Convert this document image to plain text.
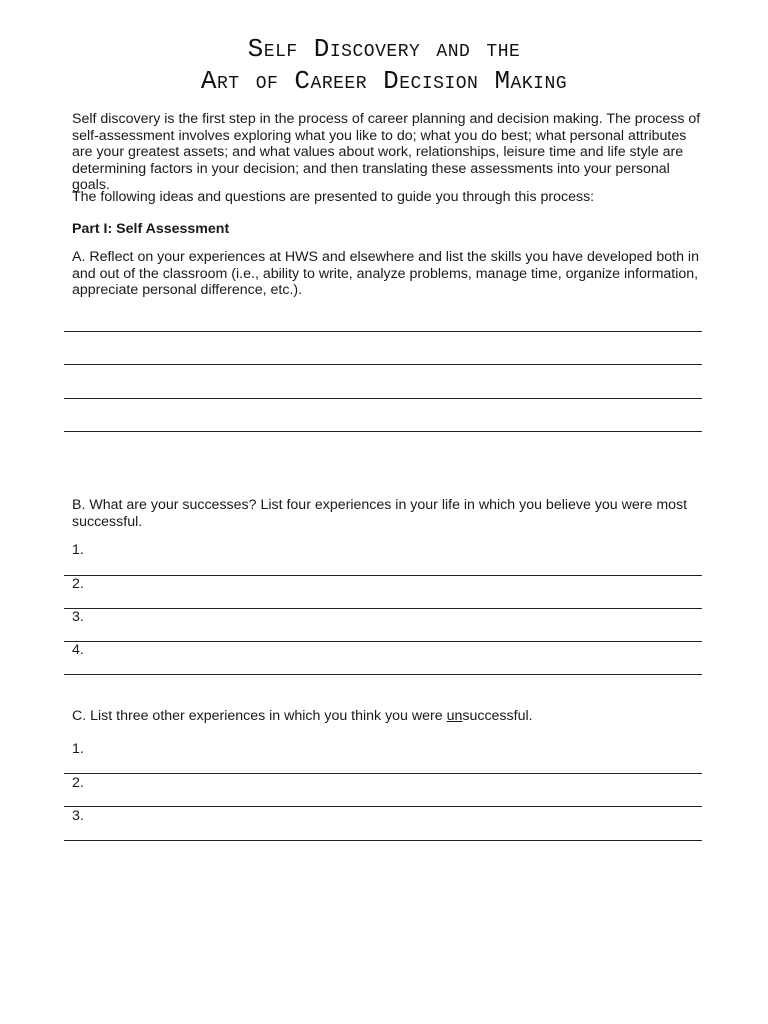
Self Discovery and the
Art of Career Decision Making

Self discovery is the first step in the process of career planning and decision making. The process of self-assessment involves exploring what you like to do; what you do best; what personal attributes are your greatest assets; and what values about work, relationships, leisure time and life style are determining factors in your decision; and then translating these assessments into your personal goals.

The following ideas and questions are presented to guide you through this process:

Part I: Self Assessment

A. Reflect on your experiences at HWS and elsewhere and list the skills you have developed both in and out of the classroom (i.e., ability to write, analyze problems, manage time, organize information, appreciate personal difference, etc.).

B. What are your successes? List four experiences in your life in which you believe you were most successful.

1.
2.
3.
4.

C. List three other experiences in which you think you were unsuccessful.

1.
2.
3.
